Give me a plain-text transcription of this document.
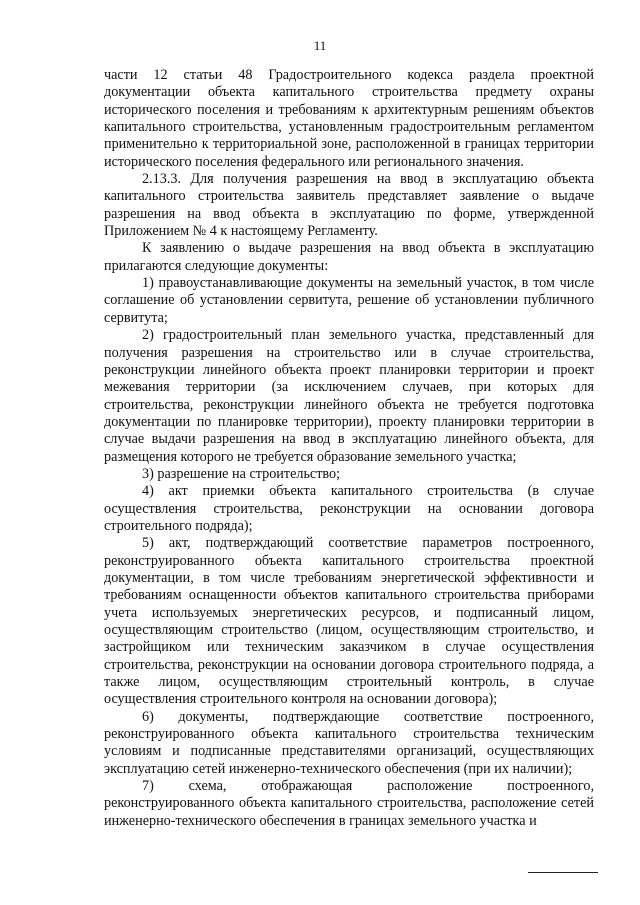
11

части 12 статьи 48 Градостроительного кодекса раздела проектной документации объекта капитального строительства предмету охраны исторического поселения и требованиям к архитектурным решениям объектов капитального строительства, установленным градостроительным регламентом применительно к территориальной зоне, расположенной в границах территории исторического поселения федерального или регионального значения.

2.13.3. Для получения разрешения на ввод в эксплуатацию объекта капитального строительства заявитель представляет заявление о выдаче разрешения на ввод объекта в эксплуатацию по форме, утвержденной Приложением № 4 к настоящему Регламенту.

К заявлению о выдаче разрешения на ввод объекта в эксплуатацию прилагаются следующие документы:

1) правоустанавливающие документы на земельный участок, в том числе соглашение об установлении сервитута, решение об установлении публичного сервитута;

2) градостроительный план земельного участка, представленный для получения разрешения на строительство или в случае строительства, реконструкции линейного объекта проект планировки территории и проект межевания территории (за исключением случаев, при которых для строительства, реконструкции линейного объекта не требуется подготовка документации по планировке территории), проекту планировки территории в случае выдачи разрешения на ввод в эксплуатацию линейного объекта, для размещения которого не требуется образование земельного участка;

3) разрешение на строительство;

4) акт приемки объекта капитального строительства (в случае осуществления строительства, реконструкции на основании договора строительного подряда);

5) акт, подтверждающий соответствие параметров построенного, реконструированного объекта капитального строительства проектной документации, в том числе требованиям энергетической эффективности и требованиям оснащенности объектов капитального строительства приборами учета используемых энергетических ресурсов, и подписанный лицом, осуществляющим строительство (лицом, осуществляющим строительство, и застройщиком или техническим заказчиком в случае осуществления строительства, реконструкции на основании договора строительного подряда, а также лицом, осуществляющим строительный контроль, в случае осуществления строительного контроля на основании договора);

6) документы, подтверждающие соответствие построенного, реконструированного объекта капитального строительства техническим условиям и подписанные представителями организаций, осуществляющих эксплуатацию сетей инженерно-технического обеспечения (при их наличии);

7) схема, отображающая расположение построенного, реконструированного объекта капитального строительства, расположение сетей инженерно-технического обеспечения в границах земельного участка и
